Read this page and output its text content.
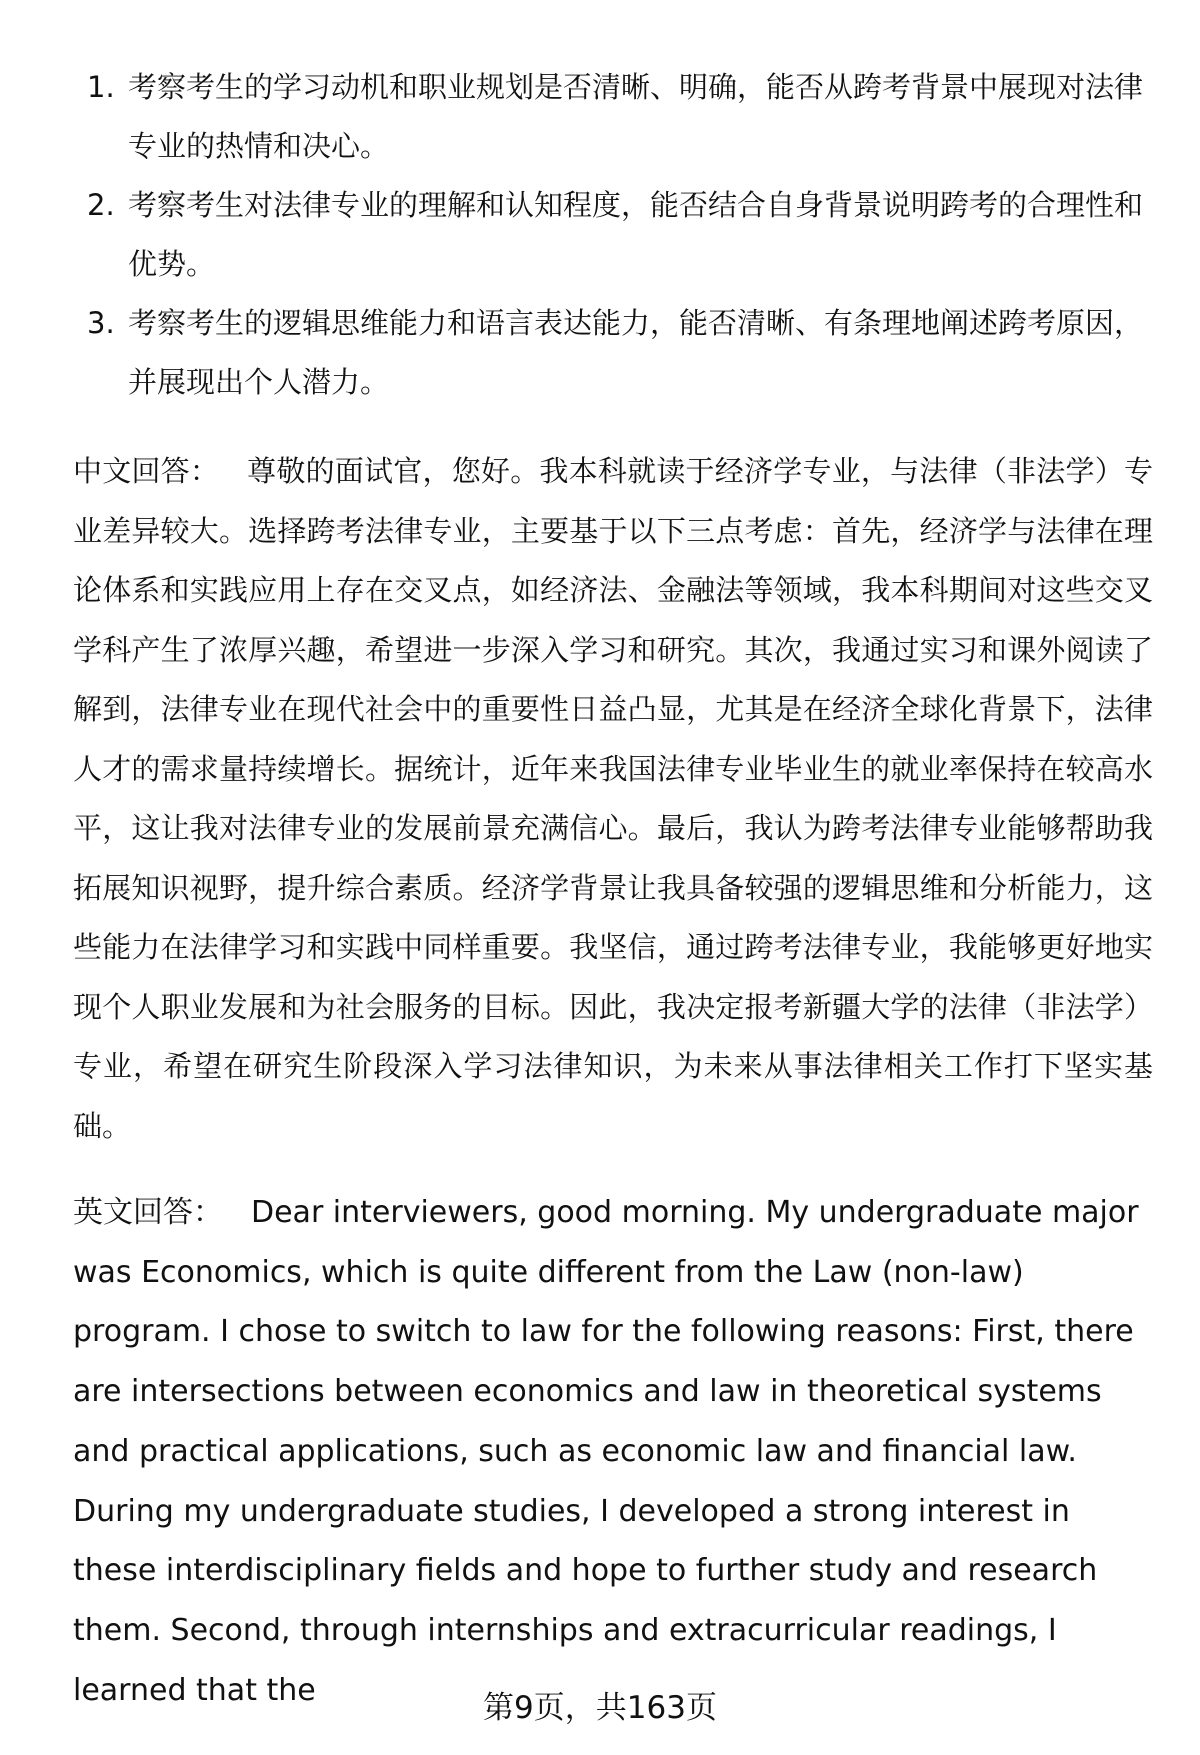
1. 考察考生的学习动机和职业规划是否清晰、明确，能否从跨考背景中展现对法律专业的热情和决心。
2. 考察考生对法律专业的理解和认知程度，能否结合自身背景说明跨考的合理性和优势。
3. 考察考生的逻辑思维能力和语言表达能力，能否清晰、有条理地阐述跨考原因，并展现出个人潜力。

中文回答： 尊敬的面试官，您好。我本科就读于经济学专业，与法律（非法学）专业差异较大。选择跨考法律专业，主要基于以下三点考虑：首先，经济学与法律在理论体系和实践应用上存在交叉点，如经济法、金融法等领域，我本科期间对这些交叉学科产生了浓厚兴趣，希望进一步深入学习和研究。其次，我通过实习和课外阅读了解到，法律专业在现代社会中的重要性日益凸显，尤其是在经济全球化背景下，法律人才的需求量持续增长。据统计，近年来我国法律专业毕业生的就业率保持在较高水平，这让我对法律专业的发展前景充满信心。最后，我认为跨考法律专业能够帮助我拓展知识视野，提升综合素质。经济学背景让我具备较强的逻辑思维和分析能力，这些能力在法律学习和实践中同样重要。我坚信，通过跨考法律专业，我能够更好地实现个人职业发展和为社会服务的目标。因此，我决定报考新疆大学的法律（非法学）专业，希望在研究生阶段深入学习法律知识，为未来从事法律相关工作打下坚实基础。

英文回答： Dear interviewers, good morning. My undergraduate major was Economics, which is quite different from the Law (non-law) program. I chose to switch to law for the following reasons: First, there are intersections between economics and law in theoretical systems and practical applications, such as economic law and financial law. During my undergraduate studies, I developed a strong interest in these interdisciplinary fields and hope to further study and research them. Second, through internships and extracurricular readings, I learned that the	第9页，共163页
